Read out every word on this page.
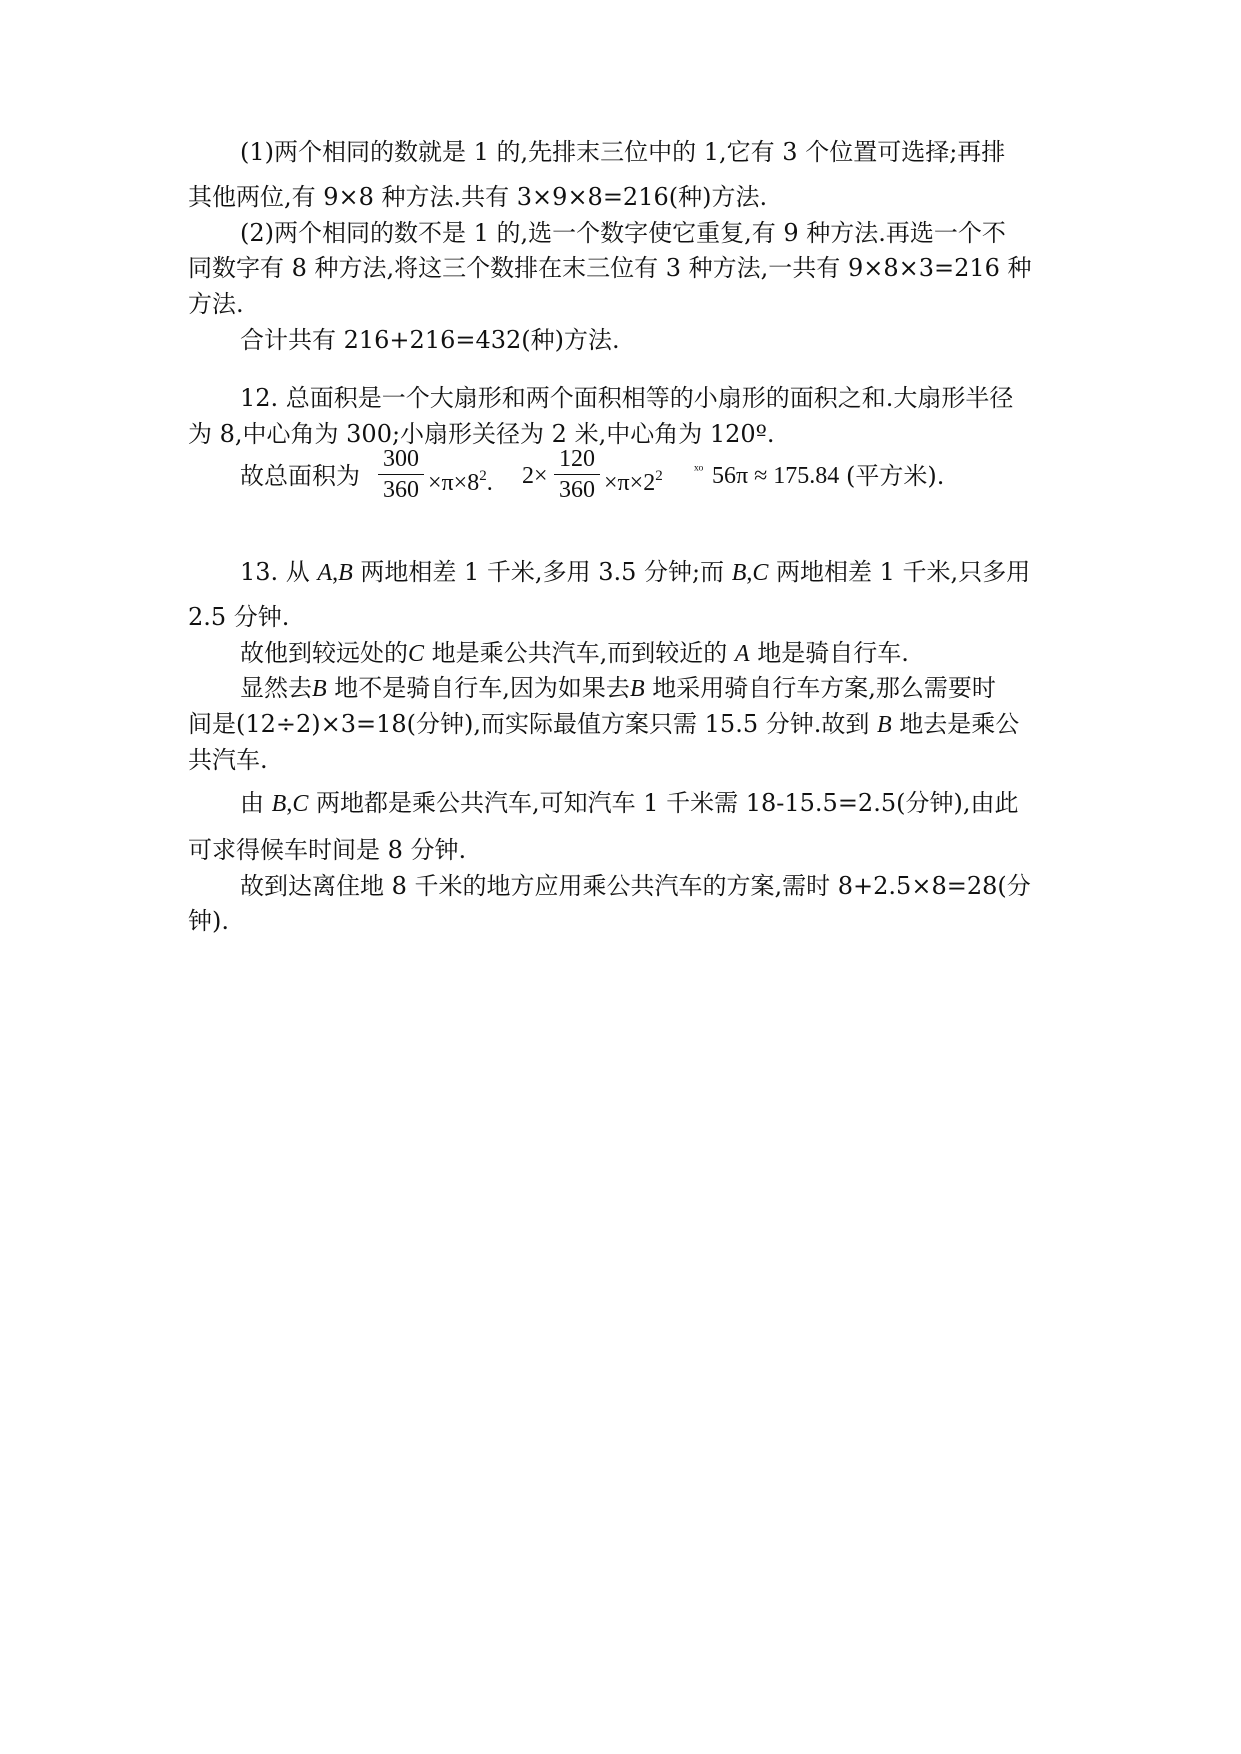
(1)两个相同的数就是 1 的,先排末三位中的 1,它有 3 个位置可选择;再排
其他两位,有 9×8 种方法.共有 3×9×8=216(种)方法.
(2)两个相同的数不是 1 的,选一个数字使它重复,有 9 种方法.再选一个不
同数字有 8 种方法,将这三个数排在末三位有 3 种方法,一共有 9×8×3=216 种
方法.
合计共有 216+216=432(种)方法.
12. 总面积是一个大扇形和两个面积相等的小扇形的面积之和.大扇形半径
为 8,中心角为 300;小扇形关径为 2 米,中心角为 120º.
故总面积为
300
$360 \times\pi\times 8^2$. 2×
120
$360 \times\pi\times 2^2$ ˣᵒ 56π ≈ 175.84 (平方米).
13. 从 A,B 两地相差 1 千米,多用 3.5 分钟;而 B,C 两地相差 1 千米,只多用
2.5 分钟.
故他到较远处的C 地是乘公共汽车,而到较近的 A 地是骑自行车.
显然去B 地不是骑自行车,因为如果去B 地采用骑自行车方案,那么需要时
间是(12÷2)×3=18(分钟),而实际最值方案只需 15.5 分钟.故到 B 地去是乘公
共汽车.
由 B,C 两地都是乘公共汽车,可知汽车 1 千米需 18-15.5=2.5(分钟),由此
可求得候车时间是 8 分钟.
故到达离住地 8 千米的地方应用乘公共汽车的方案,需时 8+2.5×8=28(分
钟).
